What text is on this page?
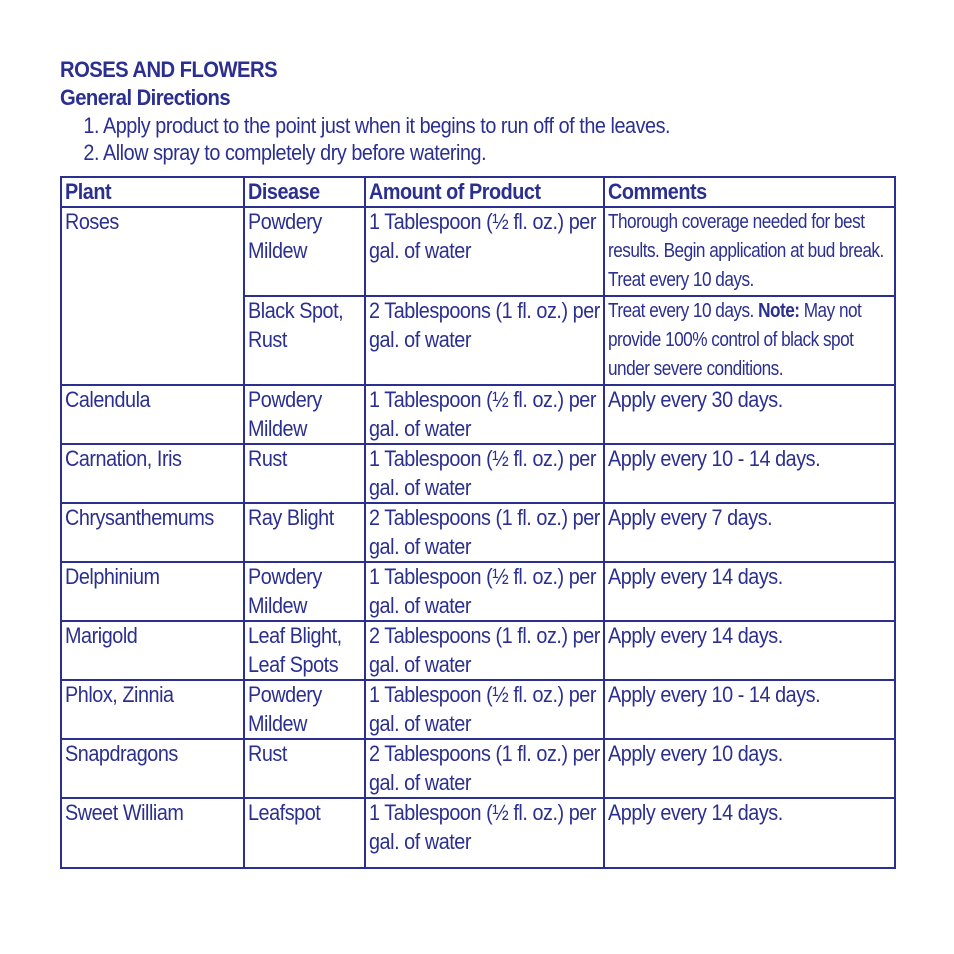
ROSES AND FLOWERS
General Directions
1. Apply product to the point just when it begins to run off of the leaves.
2. Allow spray to completely dry before watering.
Plant	Disease	Amount of Product	Comments

Roses	Powdery Mildew	1 Tablespoon (½ fl. oz.) per gal. of water	Thorough coverage needed for best results. Begin application at bud break. Treat every 10 days.

	Black Spot, Rust	2 Tablespoons (1 fl. oz.) per gal. of water	Treat every 10 days. Note: May not provide 100% control of black spot under severe conditions.

Calendula	Powdery Mildew	1 Tablespoon (½ fl. oz.) per gal. of water	Apply every 30 days.

Carnation, Iris	Rust	1 Tablespoon (½ fl. oz.) per gal. of water	Apply every 10 - 14 days.

Chrysanthemums	Ray Blight	2 Tablespoons (1 fl. oz.) per gal. of water	Apply every 7 days.

Delphinium	Powdery Mildew	1 Tablespoon (½ fl. oz.) per gal. of water	Apply every 14 days.

Marigold	Leaf Blight, Leaf Spots	2 Tablespoons (1 fl. oz.) per gal. of water	Apply every 14 days.

Phlox, Zinnia	Powdery Mildew	1 Tablespoon (½ fl. oz.) per gal. of water	Apply every 10 - 14 days.

Snapdragons	Rust	2 Tablespoons (1 fl. oz.) per gal. of water	Apply every 10 days.

Sweet William	Leafspot	1 Tablespoon (½ fl. oz.) per gal. of water	Apply every 14 days.
